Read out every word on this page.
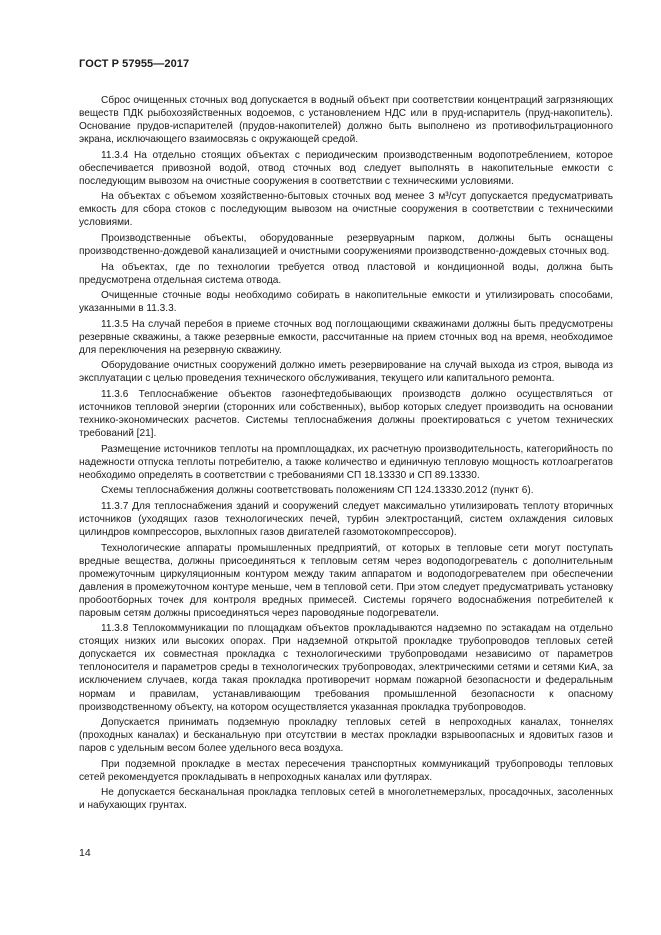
ГОСТ Р 57955—2017

Сброс очищенных сточных вод допускается в водный объект при соответствии концентраций загрязняющих веществ ПДК рыбохозяйственных водоемов, с установлением НДС или в пруд-испаритель (пруд-накопитель). Основание прудов-испарителей (прудов-накопителей) должно быть выполнено из противофильтрационного экрана, исключающего взаимосвязь с окружающей средой.

11.3.4 На отдельно стоящих объектах с периодическим производственным водопотреблением, которое обеспечивается привозной водой, отвод сточных вод следует выполнять в накопительные емкости с последующим вывозом на очистные сооружения в соответствии с техническими условиями.

На объектах с объемом хозяйственно-бытовых сточных вод менее 3 м³/сут допускается предусматривать емкость для сбора стоков с последующим вывозом на очистные сооружения в соответствии с техническими условиями.

Производственные объекты, оборудованные резервуарным парком, должны быть оснащены производственно-дождевой канализацией и очистными сооружениями производственно-дождевых сточных вод.

На объектах, где по технологии требуется отвод пластовой и кондиционной воды, должна быть предусмотрена отдельная система отвода.

Очищенные сточные воды необходимо собирать в накопительные емкости и утилизировать способами, указанными в 11.3.3.

11.3.5 На случай перебоя в приеме сточных вод поглощающими скважинами должны быть предусмотрены резервные скважины, а также резервные емкости, рассчитанные на прием сточных вод на время, необходимое для переключения на резервную скважину.

Оборудование очистных сооружений должно иметь резервирование на случай выхода из строя, вывода из эксплуатации с целью проведения технического обслуживания, текущего или капитального ремонта.

11.3.6 Теплоснабжение объектов газонефтедобывающих производств должно осуществляться от источников тепловой энергии (сторонних или собственных), выбор которых следует производить на основании технико-экономических расчетов. Системы теплоснабжения должны проектироваться с учетом технических требований [21].

Размещение источников теплоты на промплощадках, их расчетную производительность, категорийность по надежности отпуска теплоты потребителю, а также количество и единичную тепловую мощность котлоагрегатов необходимо определять в соответствии с требованиями СП 18.13330 и СП 89.13330.

Схемы теплоснабжения должны соответствовать положениям СП 124.13330.2012 (пункт 6).

11.3.7 Для теплоснабжения зданий и сооружений следует максимально утилизировать теплоту вторичных источников (уходящих газов технологических печей, турбин электростанций, систем охлаждения силовых цилиндров компрессоров, выхлопных газов двигателей газомотокомпрессоров).

Технологические аппараты промышленных предприятий, от которых в тепловые сети могут поступать вредные вещества, должны присоединяться к тепловым сетям через водоподогреватель с дополнительным промежуточным циркуляционным контуром между таким аппаратом и водоподогревателем при обеспечении давления в промежуточном контуре меньше, чем в тепловой сети. При этом следует предусматривать установку пробоотборных точек для контроля вредных примесей. Системы горячего водоснабжения потребителей к паровым сетям должны присоединяться через пароводяные подогреватели.

11.3.8 Теплокоммуникации по площадкам объектов прокладываются надземно по эстакадам на отдельно стоящих низких или высоких опорах. При надземной открытой прокладке трубопроводов тепловых сетей допускается их совместная прокладка с технологическими трубопроводами независимо от параметров теплоносителя и параметров среды в технологических трубопроводах, электрическими сетями и сетями КиА, за исключением случаев, когда такая прокладка противоречит нормам пожарной безопасности и федеральным нормам и правилам, устанавливающим требования промышленной безопасности к опасному производственному объекту, на котором осуществляется указанная прокладка трубопроводов.

Допускается принимать подземную прокладку тепловых сетей в непроходных каналах, тоннелях (проходных каналах) и бесканальную при отсутствии в местах прокладки взрывоопасных и ядовитых газов и паров с удельным весом более удельного веса воздуха.

При подземной прокладке в местах пересечения транспортных коммуникаций трубопроводы тепловых сетей рекомендуется прокладывать в непроходных каналах или футлярах.

Не допускается бесканальная прокладка тепловых сетей в многолетнемерзлых, просадочных, засоленных и набухающих грунтах.

14
